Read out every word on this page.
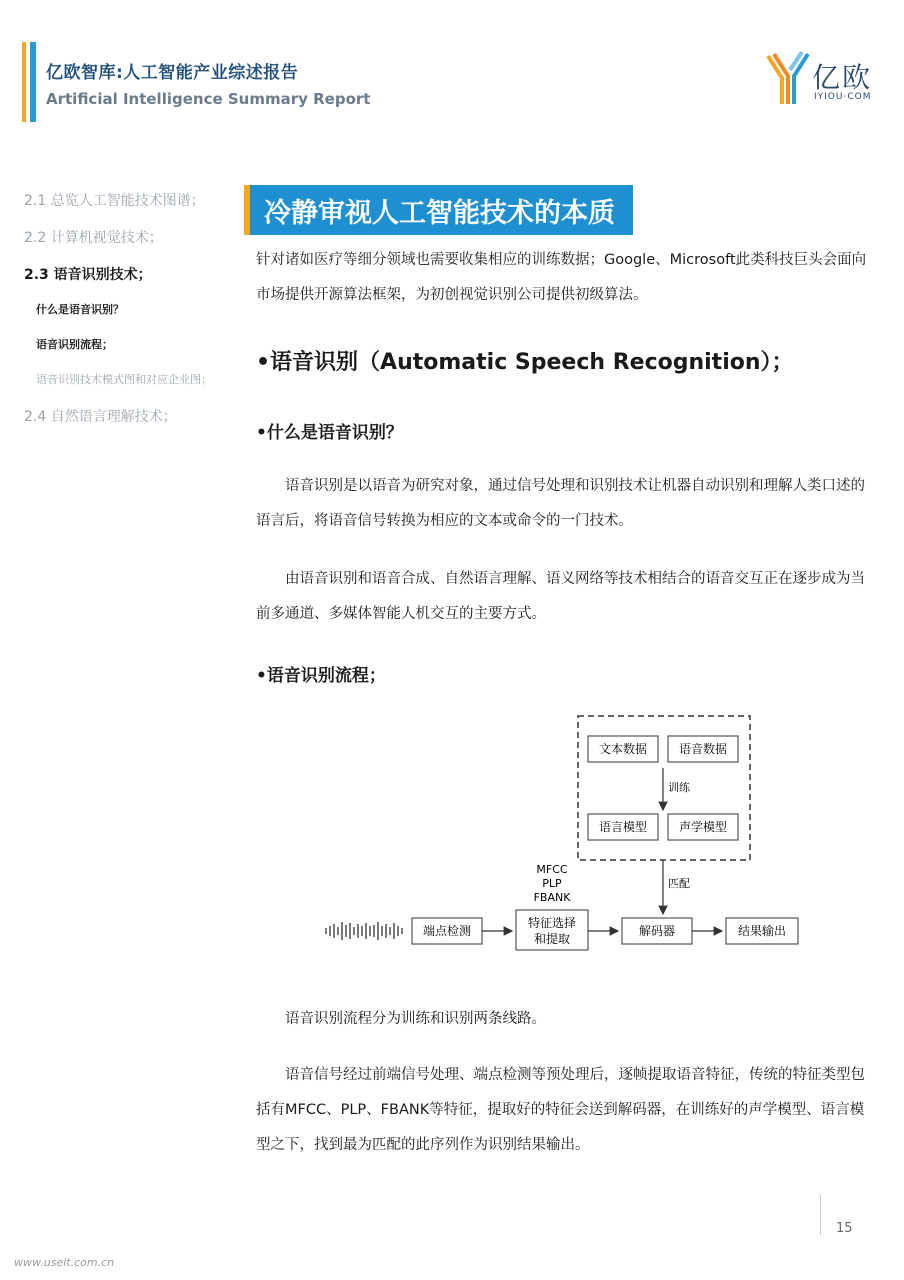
亿欧智库:人工智能产业综述报告
Artificial Intelligence Summary Report
亿欧
IYIOU·COM
2.1 总览人工智能技术图谱；
2.2 计算机视觉技术；
2.3 语音识别技术；
什么是语音识别？
语音识别流程；
语音识别技术模式图和对应企业图；
2.4 自然语言理解技术；
冷静审视人工智能技术的本质
针对诸如医疗等细分领域也需要收集相应的训练数据；Google、Microsoft此类科技巨头会面向市场提供开源算法框架，为初创视觉识别公司提供初级算法。
•语音识别（Automatic Speech Recognition）；
•什么是语音识别？
语音识别是以语音为研究对象，通过信号处理和识别技术让机器自动识别和理解人类口述的语言后，将语音信号转换为相应的文本或命令的一门技术。
由语音识别和语音合成、自然语言理解、语义网络等技术相结合的语音交互正在逐步成为当前多通道、多媒体智能人机交互的主要方式。
•语音识别流程；
文本数据	语音数据
训练
语言模型	声学模型
匹配
MFCC
PLP
FBANK
端点检测
特征选择
和提取
解码器	结果输出
语音识别流程分为训练和识别两条线路。
语音信号经过前端信号处理、端点检测等预处理后，逐帧提取语音特征，传统的特征类型包括有MFCC、PLP、FBANK等特征，提取好的特征会送到解码器，在训练好的声学模型、语言模型之下，找到最为匹配的此序列作为识别结果输出。
15
www.useit.com.cn
